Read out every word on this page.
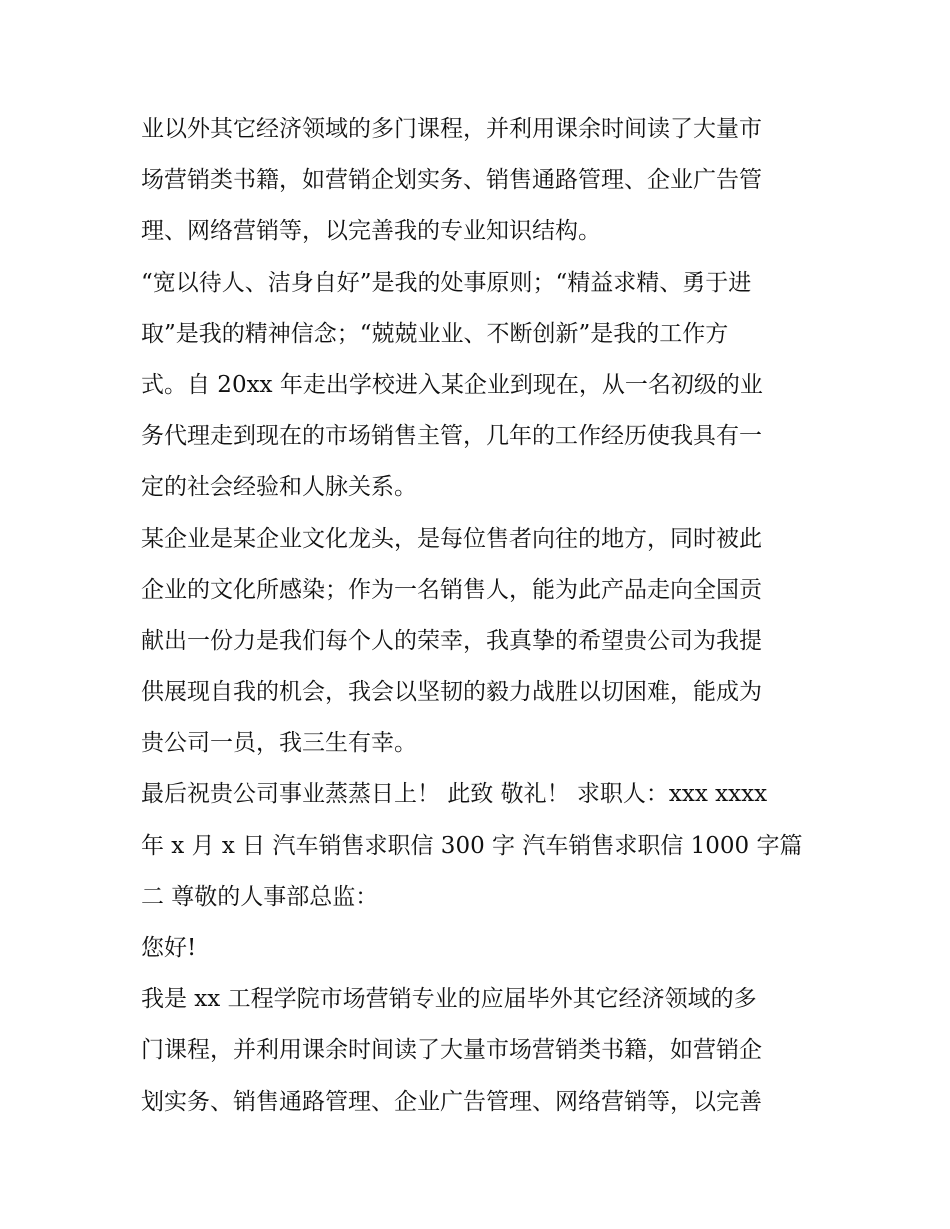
业以外其它经济领域的多门课程，并利用课余时间读了大量市
场营销类书籍，如营销企划实务、销售通路管理、企业广告管
理、网络营销等，以完善我的专业知识结构。
“宽以待人、洁身自好”是我的处事原则；“精益求精、勇于进
取”是我的精神信念；“兢兢业业、不断创新”是我的工作方
式。自 20xx 年走出学校进入某企业到现在，从一名初级的业
务代理走到现在的市场销售主管，几年的工作经历使我具有一
定的社会经验和人脉关系。
某企业是某企业文化龙头，是每位售者向往的地方，同时被此
企业的文化所感染；作为一名销售人，能为此产品走向全国贡
献出一份力是我们每个人的荣幸，我真挚的希望贵公司为我提
供展现自我的机会，我会以坚韧的毅力战胜以切困难，能成为
贵公司一员，我三生有幸。
最后祝贵公司事业蒸蒸日上！ 此致 敬礼！ 求职人：xxx xxxx
年 x 月 x 日 汽车销售求职信 300 字 汽车销售求职信 1000 字篇
二 尊敬的人事部总监：
您好!
我是 xx 工程学院市场营销专业的应届毕外其它经济领域的多
门课程，并利用课余时间读了大量市场营销类书籍，如营销企
划实务、销售通路管理、企业广告管理、网络营销等，以完善
